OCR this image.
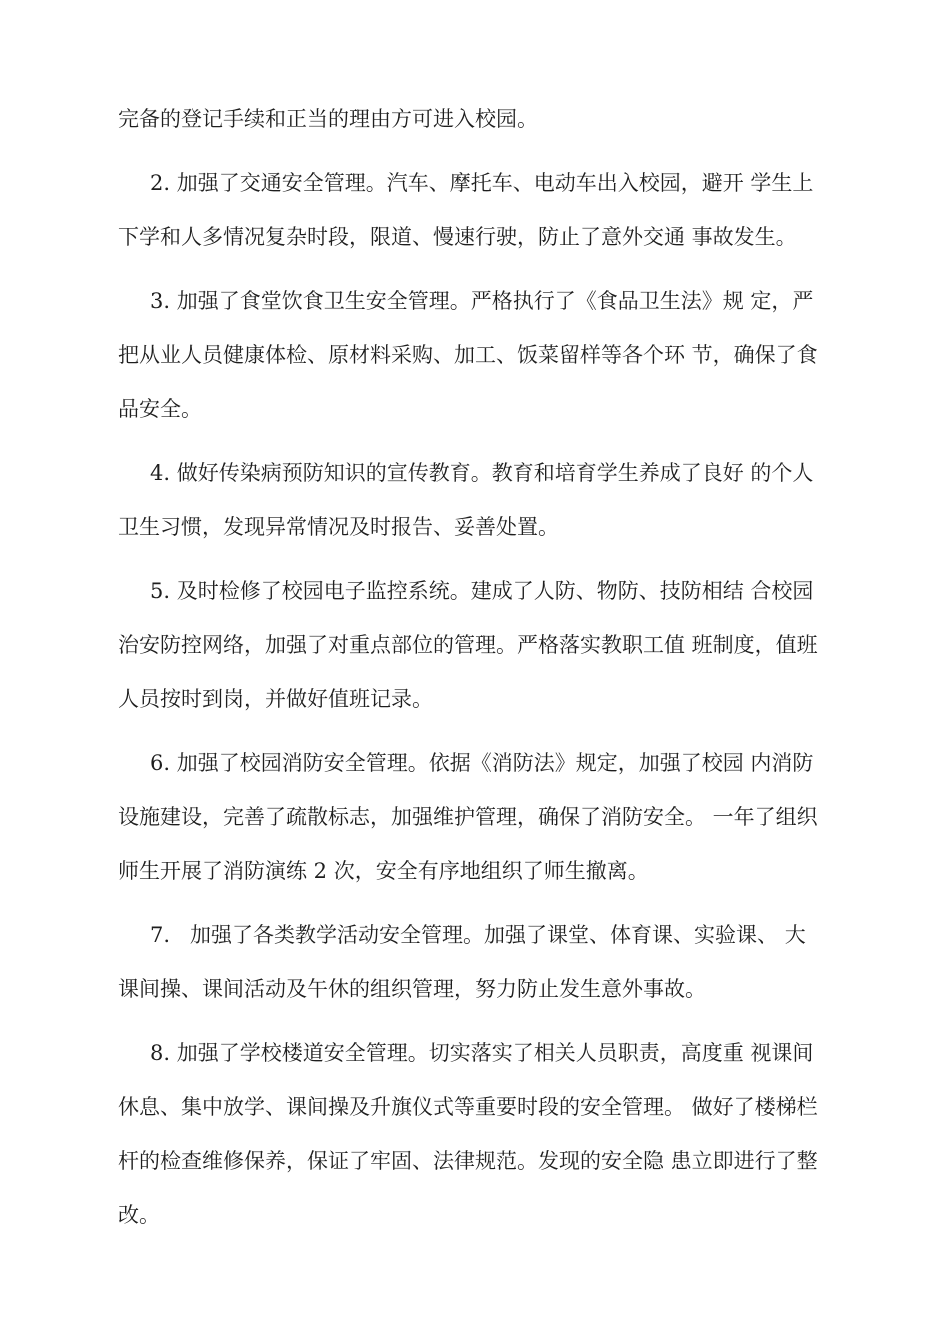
完备的登记手续和正当的理由方可进入校园。
2. 加强了交通安全管理。汽车、摩托车、电动车出入校园，避开 学生上
下学和人多情况复杂时段，限道、慢速行驶，防止了意外交通 事故发生。
3. 加强了食堂饮食卫生安全管理。严格执行了《食品卫生法》规 定，严
把从业人员健康体检、原材料采购、加工、饭菜留样等各个环 节，确保了食
品安全。
4. 做好传染病预防知识的宣传教育。教育和培育学生养成了良好 的个人
卫生习惯，发现异常情况及时报告、妥善处置。
5. 及时检修了校园电子监控系统。建成了人防、物防、技防相结 合校园
治安防控网络，加强了对重点部位的管理。严格落实教职工值 班制度，值班
人员按时到岗，并做好值班记录。
6. 加强了校园消防安全管理。依据《消防法》规定，加强了校园 内消防
设施建设，完善了疏散标志，加强维护管理，确保了消防安全。 一年了组织
师生开展了消防演练 2 次，安全有序地组织了师生撤离。
7.   加强了各类教学活动安全管理。加强了课堂、体育课、实验课、 大
课间操、课间活动及午休的组织管理，努力防止发生意外事故。
8. 加强了学校楼道安全管理。切实落实了相关人员职责，高度重 视课间
休息、集中放学、课间操及升旗仪式等重要时段的安全管理。 做好了楼梯栏
杆的检查维修保养，保证了牢固、法律规范。发现的安全隐 患立即进行了整
改。
